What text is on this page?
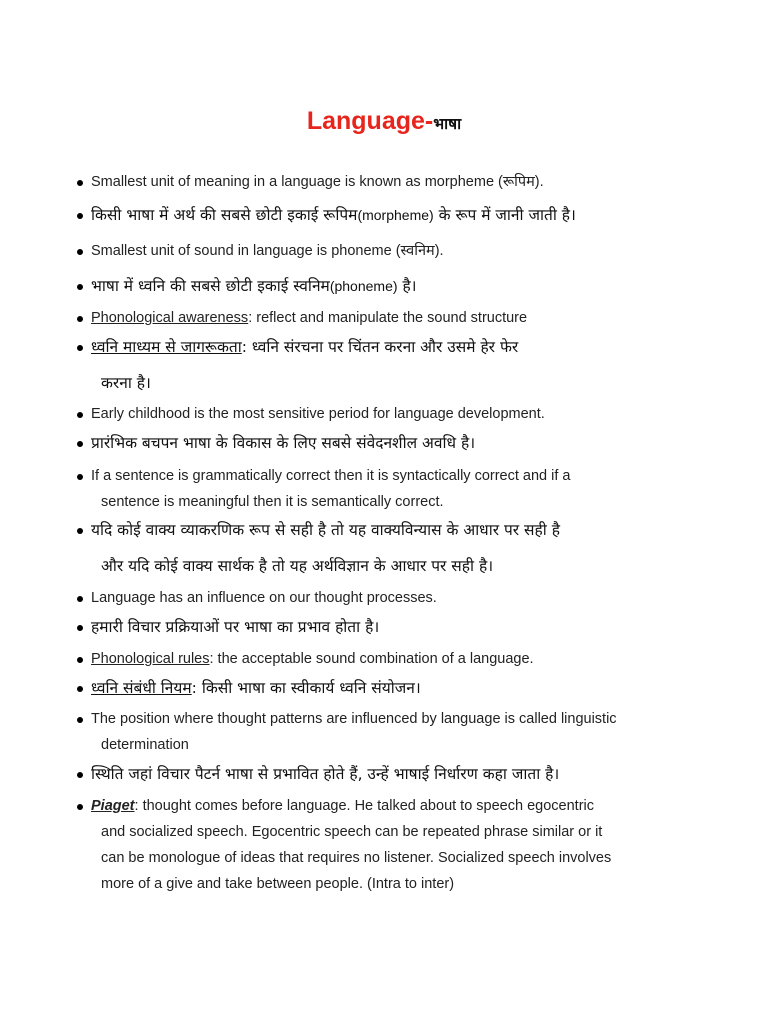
Language-भाषा
Smallest unit of meaning in a language is known as morpheme (रूपिम).
किसी भाषा में अर्थ की सबसे छोटी इकाई रूपिम(morpheme) के रूप में जानी जाती है।
Smallest unit of sound in language is phoneme (स्वनिम).
भाषा में ध्वनि की सबसे छोटी इकाई स्वनिम(phoneme) है।
Phonological awareness: reflect and manipulate the sound structure
ध्वनि माध्यम से जागरूकता: ध्वनि संरचना पर चिंतन करना और उसमे हेर फेर
करना है।
Early childhood is the most sensitive period for language development.
प्रारंभिक बचपन भाषा के विकास के लिए सबसे संवेदनशील अवधि है।
If a sentence is grammatically correct then it is syntactically correct and if a
sentence is meaningful then it is semantically correct.
यदि कोई वाक्य व्याकरणिक रूप से सही है तो यह वाक्यविन्यास के आधार पर सही है
और यदि कोई वाक्य सार्थक है तो यह अर्थविज्ञान के आधार पर सही है।
Language has an influence on our thought processes.
हमारी विचार प्रक्रियाओं पर भाषा का प्रभाव होता है।
Phonological rules: the acceptable sound combination of a language.
ध्वनि संबंधी नियम: किसी भाषा का स्वीकार्य ध्वनि संयोजन।
The position where thought patterns are influenced by language is called linguistic
determination
स्थिति जहां विचार पैटर्न भाषा से प्रभावित होते हैं, उन्हें भाषाई निर्धारण कहा जाता है।
Piaget: thought comes before language. He talked about to speech egocentric
and socialized speech. Egocentric speech can be repeated phrase similar or it
can be monologue of ideas that requires no listener. Socialized speech involves
more of a give and take between people. (Intra to inter)
